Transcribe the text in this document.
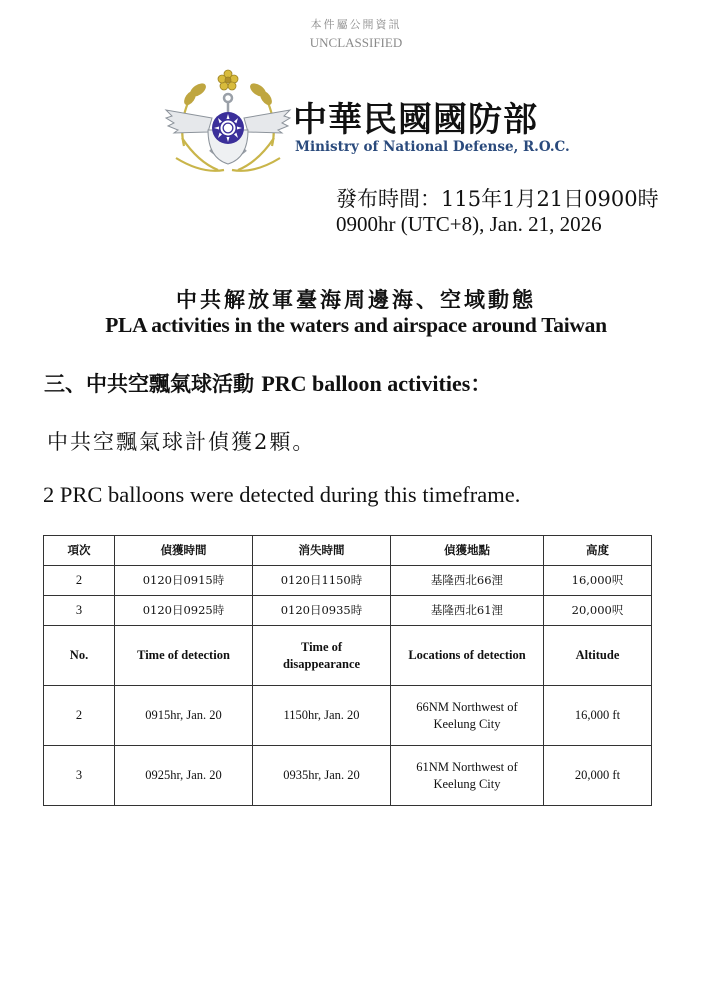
本件屬公開資訊
UNCLASSIFIED
中華民國國防部
Ministry of National Defense, R.O.C.
發布時間：115年1月21日0900時
0900hr (UTC+8), Jan. 21, 2026
中共解放軍臺海周邊海、空域動態
PLA activities in the waters and airspace around Taiwan
三、中共空飄氣球活動 PRC balloon activities：
中共空飄氣球計偵獲2顆。
2 PRC balloons were detected during this timeframe.
項次	偵獲時間	消失時間	偵獲地點	高度
2	0120日0915時	0120日1150時	基隆西北66浬	16,000呎
3	0120日0925時	0120日0935時	基隆西北61浬	20,000呎
No.	Time of detection	Time of disappearance	Locations of detection	Altitude
2	0915hr, Jan. 20	1150hr, Jan. 20	66NM Northwest of Keelung City	16,000 ft
3	0925hr, Jan. 20	0935hr, Jan. 20	61NM Northwest of Keelung City	20,000 ft
